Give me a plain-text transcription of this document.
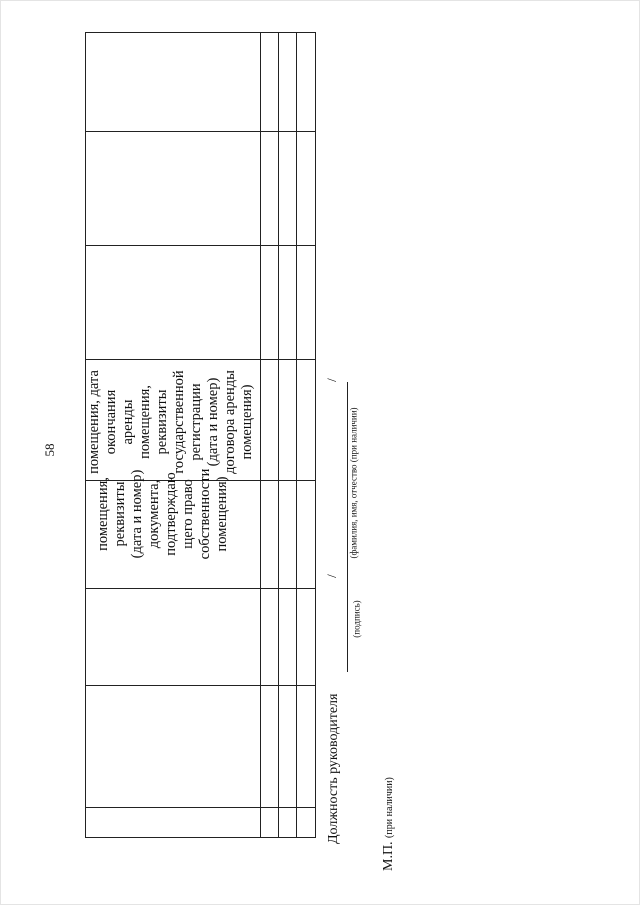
58
помещения, реквизиты (дата и номер) документа, подтверждаю щего право собственности помещения)
помещения, дата окончания аренды помещения, реквизиты государственной регистрации (дата и номер) договора аренды помещения)
Должность руководителя
/
/
(подпись)
(фамилия, имя, отчество (при наличии)
М.П. (при наличии)
